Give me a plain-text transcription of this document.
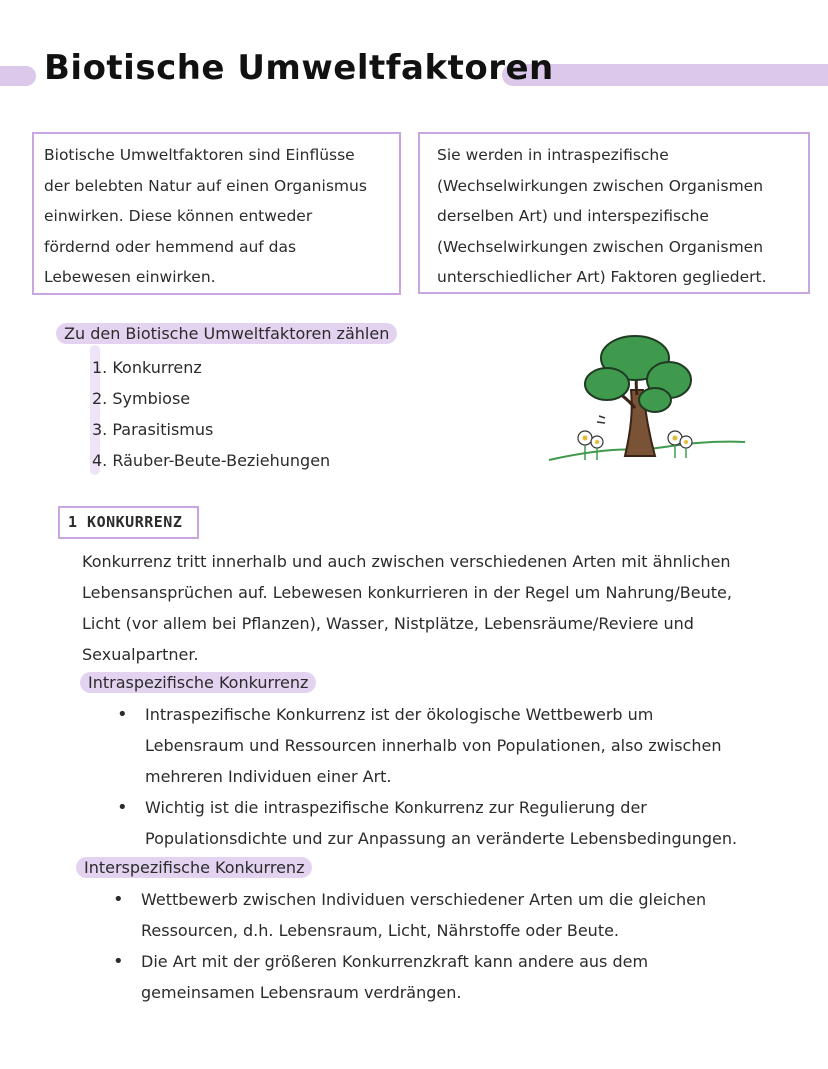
Biotische Umweltfaktoren

Biotische Umweltfaktoren sind Einflüsse

der belebten Natur auf einen Organismus

einwirken. Diese können entweder

fördernd oder hemmend auf das

Lebewesen einwirken.

Sie werden in intraspezifische

(Wechselwirkungen zwischen Organismen

derselben Art) und interspezifische

(Wechselwirkungen zwischen Organismen

unterschiedlicher Art) Faktoren gegliedert.

Zu den Biotische Umweltfaktoren zählen
1. Konkurrenz
2. Symbiose
3. Parasitismus
4. Räuber-Beute-Beziehungen
1 KONKURRENZ
Konkurrenz tritt innerhalb und auch zwischen verschiedenen Arten mit ähnlichen
Lebensansprüchen auf. Lebewesen konkurrieren in der Regel um Nahrung/Beute,
Licht (vor allem bei Pflanzen), Wasser, Nistplätze, Lebensräume/Reviere und
Sexualpartner.
Intraspezifische Konkurrenz
• Intraspezifische Konkurrenz ist der ökologische Wettbewerb um
Lebensraum und Ressourcen innerhalb von Populationen, also zwischen
mehreren Individuen einer Art.
• Wichtig ist die intraspezifische Konkurrenz zur Regulierung der
Populationsdichte und zur Anpassung an veränderte Lebensbedingungen.
Interspezifische Konkurrenz
• Wettbewerb zwischen Individuen verschiedener Arten um die gleichen
Ressourcen, d.h. Lebensraum, Licht, Nährstoffe oder Beute.
• Die Art mit der größeren Konkurrenzkraft kann andere aus dem
gemeinsamen Lebensraum verdrängen.
